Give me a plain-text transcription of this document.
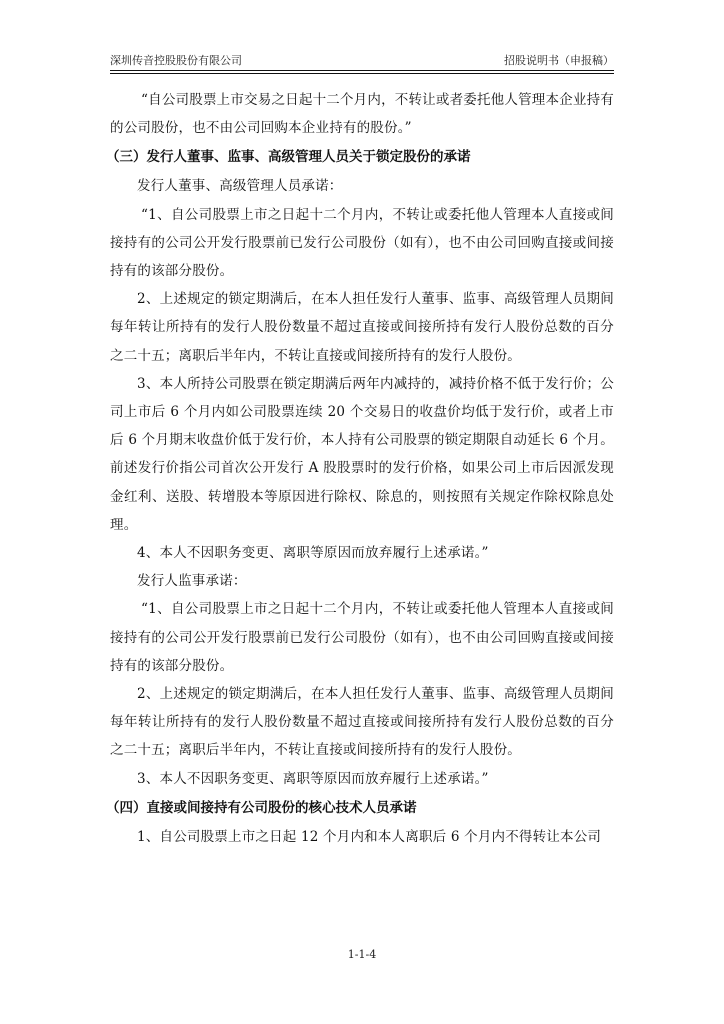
深圳传音控股股份有限公司	招股说明书（申报稿）

“自公司股票上市交易之日起十二个月内，不转让或者委托他人管理本企业持有的公司股份，也不由公司回购本企业持有的股份。”

（三）发行人董事、监事、高级管理人员关于锁定股份的承诺

发行人董事、高级管理人员承诺：

“1、自公司股票上市之日起十二个月内，不转让或委托他人管理本人直接或间接持有的公司公开发行股票前已发行公司股份（如有），也不由公司回购直接或间接持有的该部分股份。

2、上述规定的锁定期满后，在本人担任发行人董事、监事、高级管理人员期间每年转让所持有的发行人股份数量不超过直接或间接所持有发行人股份总数的百分之二十五；离职后半年内，不转让直接或间接所持有的发行人股份。

3、本人所持公司股票在锁定期满后两年内减持的，减持价格不低于发行价；公司上市后 6 个月内如公司股票连续 20 个交易日的收盘价均低于发行价，或者上市后 6 个月期末收盘价低于发行价，本人持有公司股票的锁定期限自动延长 6 个月。前述发行价指公司首次公开发行 A 股股票时的发行价格，如果公司上市后因派发现金红利、送股、转增股本等原因进行除权、除息的，则按照有关规定作除权除息处理。

4、本人不因职务变更、离职等原因而放弃履行上述承诺。”

发行人监事承诺：

“1、自公司股票上市之日起十二个月内，不转让或委托他人管理本人直接或间接持有的公司公开发行股票前已发行公司股份（如有），也不由公司回购直接或间接持有的该部分股份。

2、上述规定的锁定期满后，在本人担任发行人董事、监事、高级管理人员期间每年转让所持有的发行人股份数量不超过直接或间接所持有发行人股份总数的百分之二十五；离职后半年内，不转让直接或间接所持有的发行人股份。

3、本人不因职务变更、离职等原因而放弃履行上述承诺。”

（四）直接或间接持有公司股份的核心技术人员承诺

1、自公司股票上市之日起 12 个月内和本人离职后 6 个月内不得转让本公司

1-1-4
